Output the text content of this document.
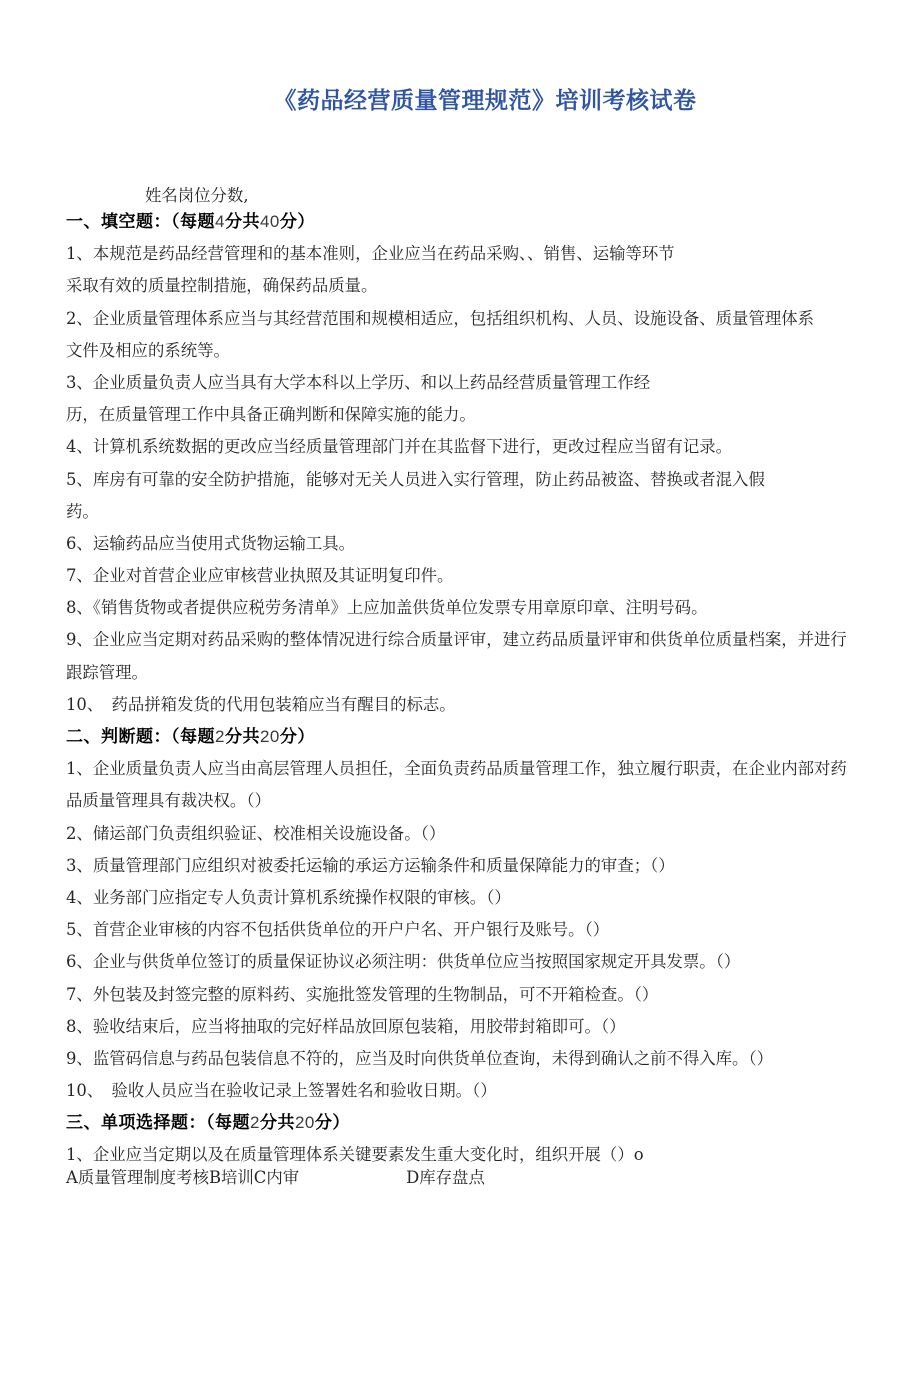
《药品经营质量管理规范》培训考核试卷
姓名岗位分数,
一、填空题：（每题4分共40分）
1、本规范是药品经营管理和的基本准则，企业应当在药品采购、、销售、运输等环节
采取有效的质量控制措施，确保药品质量。
2、企业质量管理体系应当与其经营范围和规模相适应，包括组织机构、人员、设施设备、质量管理体系
文件及相应的系统等。
3、企业质量负责人应当具有大学本科以上学历、和以上药品经营质量管理工作经
历，在质量管理工作中具备正确判断和保障实施的能力。
4、计算机系统数据的更改应当经质量管理部门并在其监督下进行，更改过程应当留有记录。
5、库房有可靠的安全防护措施，能够对无关人员进入实行管理，防止药品被盗、替换或者混入假
药。
6、运输药品应当使用式货物运输工具。
7、企业对首营企业应审核营业执照及其证明复印件。
8、《销售货物或者提供应税劳务清单》上应加盖供货单位发票专用章原印章、注明号码。
9、企业应当定期对药品采购的整体情况进行综合质量评审，建立药品质量评审和供货单位质量档案，并进行
跟踪管理。
10、　药品拼箱发货的代用包装箱应当有醒目的标志。
二、判断题：（每题2分共20分）
1、企业质量负责人应当由高层管理人员担任，全面负责药品质量管理工作，独立履行职责，在企业内部对药
品质量管理具有裁决权。（）
2、储运部门负责组织验证、校准相关设施设备。（）
3、质量管理部门应组织对被委托运输的承运方运输条件和质量保障能力的审查；（）
4、业务部门应指定专人负责计算机系统操作权限的审核。（）
5、首营企业审核的内容不包括供货单位的开户户名、开户银行及账号。（）
6、企业与供货单位签订的质量保证协议必须注明：供货单位应当按照国家规定开具发票。（）
7、外包装及封签完整的原料药、实施批签发管理的生物制品，可不开箱检查。（）
8、验收结束后，应当将抽取的完好样品放回原包装箱，用胶带封箱即可。（）
9、监管码信息与药品包装信息不符的，应当及时向供货单位查询，未得到确认之前不得入库。（）
10、　验收人员应当在验收记录上签署姓名和验收日期。（）
三、单项选择题：（每题2分共20分）
1、企业应当定期以及在质量管理体系关键要素发生重大变化时，组织开展（）o
A质量管理制度考核B培训C内审	D库存盘点
